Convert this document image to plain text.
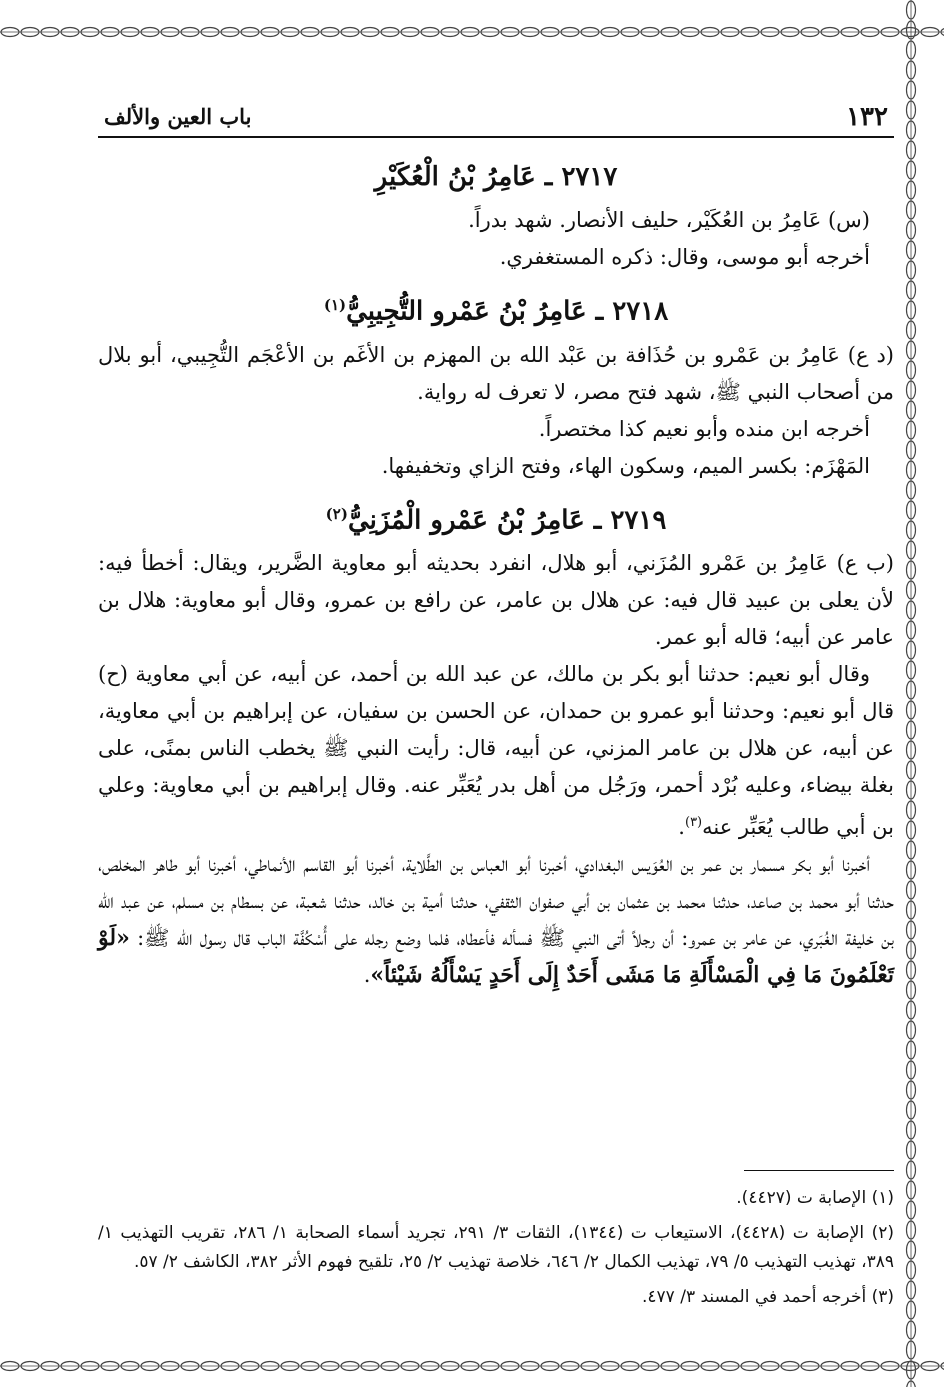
١٣٢
باب العين والألف
٢٧١٧ ـ عَامِرُ بْنُ الْعُكَيْرِ

(س) عَامِرُ بن العُكَيْر، حليف الأنصار. شهد بدراً.

أخرجه أبو موسى، وقال: ذكره المستغفري.

٢٧١٨ ـ عَامِرُ بْنُ عَمْرو التُّجِيبِيُّ$^{(١)}$

(د ع) عَامِرُ بن عَمْرو بن حُذَافة بن عَبْد الله بن المهزم بن الأغَم بن الأعْجَم التُّجِيبي، أبو بلال من أصحاب النبي ﷺ، شهد فتح مصر، لا تعرف له رواية.

أخرجه ابن منده وأبو نعيم كذا مختصراً.

المَهْزَم: بكسر الميم، وسكون الهاء، وفتح الزاي وتخفيفها.

٢٧١٩ ـ عَامِرُ بْنُ عَمْرو الْمُزَنِيُّ$^{(٢)}$

(ب ع) عَامِرُ بن عَمْرو المُزَني، أبو هلال، انفرد بحديثه أبو معاوية الضَّرير، ويقال: أخطأ فيه: لأن يعلى بن عبيد قال فيه: عن هلال بن عامر، عن رافع بن عمرو، وقال أبو معاوية: هلال بن عامر عن أبيه؛ قاله أبو عمر.

وقال أبو نعيم: حدثنا أبو بكر بن مالك، عن عبد الله بن أحمد، عن أبيه، عن أبي معاوية (ح) قال أبو نعيم: وحدثنا أبو عمرو بن حمدان، عن الحسن بن سفيان، عن إبراهيم بن أبي معاوية، عن أبيه، عن هلال بن عامر المزني، عن أبيه، قال: رأيت النبي ﷺ يخطب الناس بمنًى، على بغلة بيضاء، وعليه بُرْد أحمر، ورَجُل من أهل بدر يُعَبِّر عنه. وقال إبراهيم بن أبي معاوية: وعلي بن أبي طالب يُعَبِّر عنه$^{(٣)}$.

أخبرنا أبو بكر مسمار بن عمر بن العُوَيس البغدادي، أخبرنا أبو العباس بن الطَّلاية، أخبرنا أبو القاسم الأنماطي، أخبرنا أبو طاهر المخلص، حدثنا أبو محمد بن صاعد، حدثنا محمد بن عثمان بن أبي صفوان الثقفي، حدثنا أمية بن خالد، حدثنا شعبة، عن بسطام بن مسلم، عن عبد الله بن خليفة الغُبَري، عن عامر بن عمرو: أن رجلاً أتى النبي ﷺ فسأله فأعطاه، فلما وضع رجله على أُسْكُفَّة الباب قال رسول الله ﷺ: «لَوْ تَعْلَمُونَ مَا فِي الْمَسْأَلَةِ مَا مَشَى أَحَدٌ إِلَى أَحَدٍ يَسْأَلُهُ شَيْئاً».

(١) الإصابة ت (٤٤٢٧).

(٢) الإصابة ت (٤٤٢٨)، الاستيعاب ت (١٣٤٤)، الثقات ٣/ ٢٩١، تجريد أسماء الصحابة ١/ ٢٨٦، تقريب التهذيب ١/ ٣٨٩، تهذيب التهذيب ٥/ ٧٩، تهذيب الكمال ٢/ ٦٤٦، خلاصة تهذيب ٢/ ٢٥، تلقيح فهوم الأثر ٣٨٢، الكاشف ٢/ ٥٧.

(٣) أخرجه أحمد في المسند ٣/ ٤٧٧.
